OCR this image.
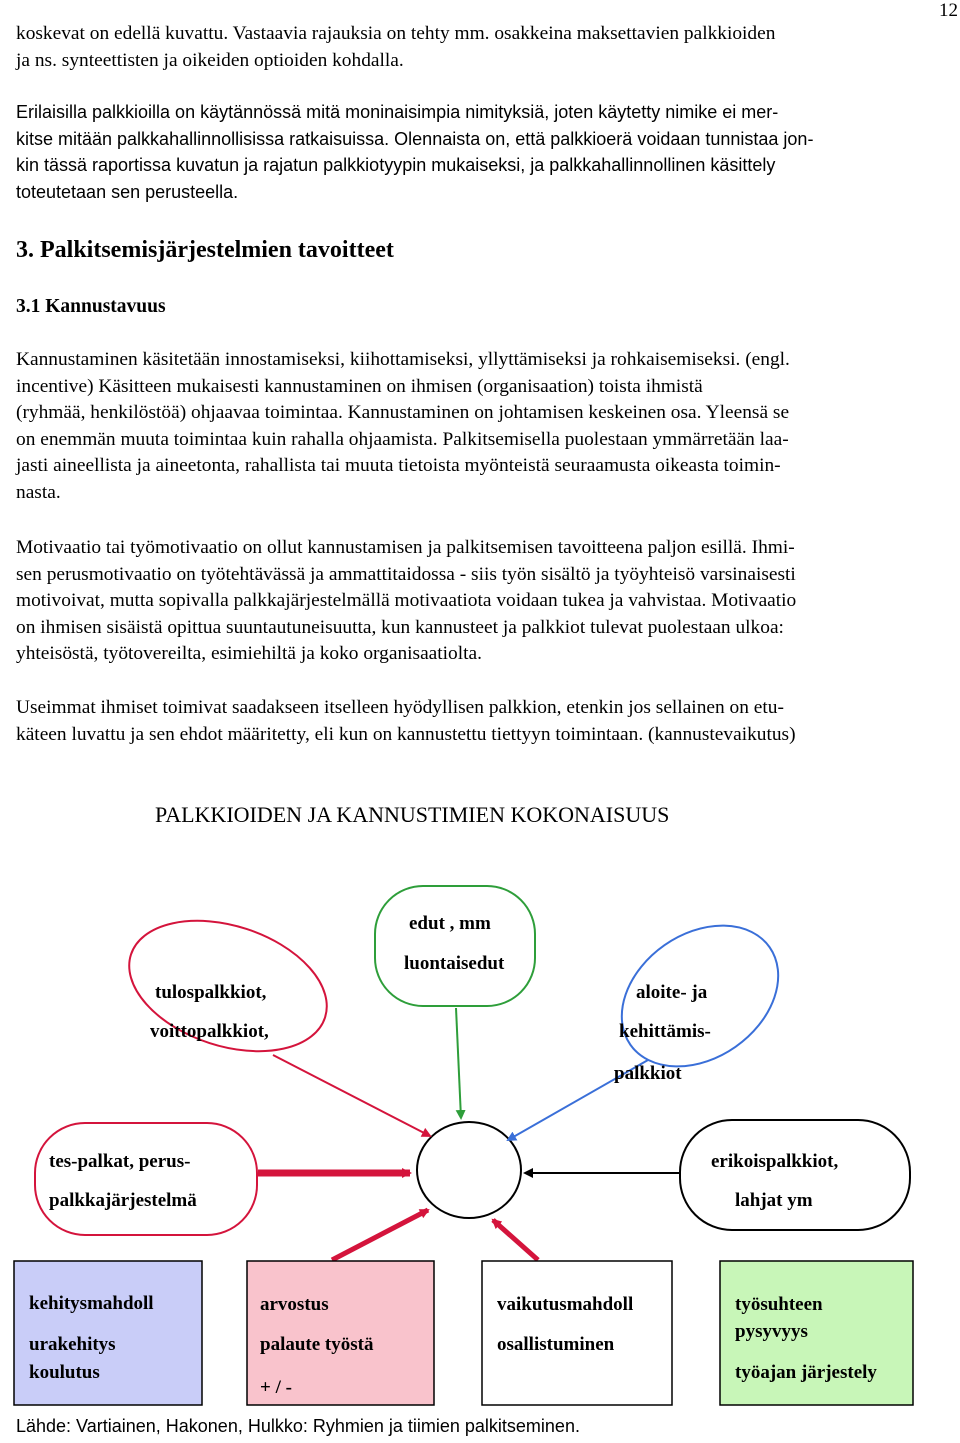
12
koskevat on edellä kuvattu. Vastaavia rajauksia on tehty mm. osakkeina maksettavien palkkioiden
ja ns. synteettisten ja oikeiden optioiden kohdalla.
Erilaisilla palkkioilla on käytännössä mitä moninaisimpia nimityksiä, joten käytetty nimike ei mer-
kitse mitään palkkahallinnollisissa ratkaisuissa. Olennaista on, että palkkioerä voidaan tunnistaa jon-
kin tässä raportissa kuvatun ja rajatun palkkiotyypin mukaiseksi, ja palkkahallinnollinen käsittely
toteutetaan sen perusteella.
3. Palkitsemisjärjestelmien tavoitteet
3.1 Kannustavuus
Kannustaminen käsitetään innostamiseksi, kiihottamiseksi, yllyttämiseksi ja rohkaisemiseksi. (engl.
incentive) Käsitteen mukaisesti kannustaminen on ihmisen (organisaation) toista ihmistä
(ryhmää, henkilöstöä) ohjaavaa toimintaa. Kannustaminen on johtamisen keskeinen osa. Yleensä se
on enemmän muuta toimintaa kuin rahalla ohjaamista. Palkitsemisella puolestaan ymmärretään laa-
jasti aineellista ja aineetonta, rahallista tai muuta tietoista myönteistä seuraamusta oikeasta toimin-
nasta.
Motivaatio tai työmotivaatio on ollut kannustamisen ja palkitsemisen tavoitteena paljon esillä. Ihmi-
sen perusmotivaatio on työtehtävässä ja ammattitaidossa - siis työn sisältö ja työyhteisö varsinaisesti
motivoivat, mutta sopivalla palkkajärjestelmällä motivaatiota voidaan tukea ja vahvistaa. Motivaatio
on ihmisen sisäistä opittua suuntautuneisuutta, kun kannusteet ja palkkiot tulevat puolestaan ulkoa:
yhteisöstä, työtovereilta, esimiehiltä ja koko organisaatiolta.
Useimmat ihmiset toimivat saadakseen itselleen hyödyllisen palkkion, etenkin jos sellainen on etu-
käteen luvattu ja sen ehdot määritetty, eli kun on kannustettu tiettyyn toimintaan. (kannustevaikutus)
PALKKIOIDEN JA KANNUSTIMIEN KOKONAISUUS
edut , mm
luontaisedut
tulospalkkiot,
voittopalkkiot,
aloite- ja
kehittämis-
palkkiot
tes-palkat, perus-
palkkajärjestelmä
erikoispalkkiot,
lahjat ym
kehitysmahdoll
urakehitys
koulutus
arvostus
palaute työstä
+ / -
vaikutusmahdoll
osallistuminen
työsuhteen
pysyvyys
työajan järjestely
Lähde: Vartiainen, Hakonen, Hulkko: Ryhmien ja tiimien palkitseminen.
